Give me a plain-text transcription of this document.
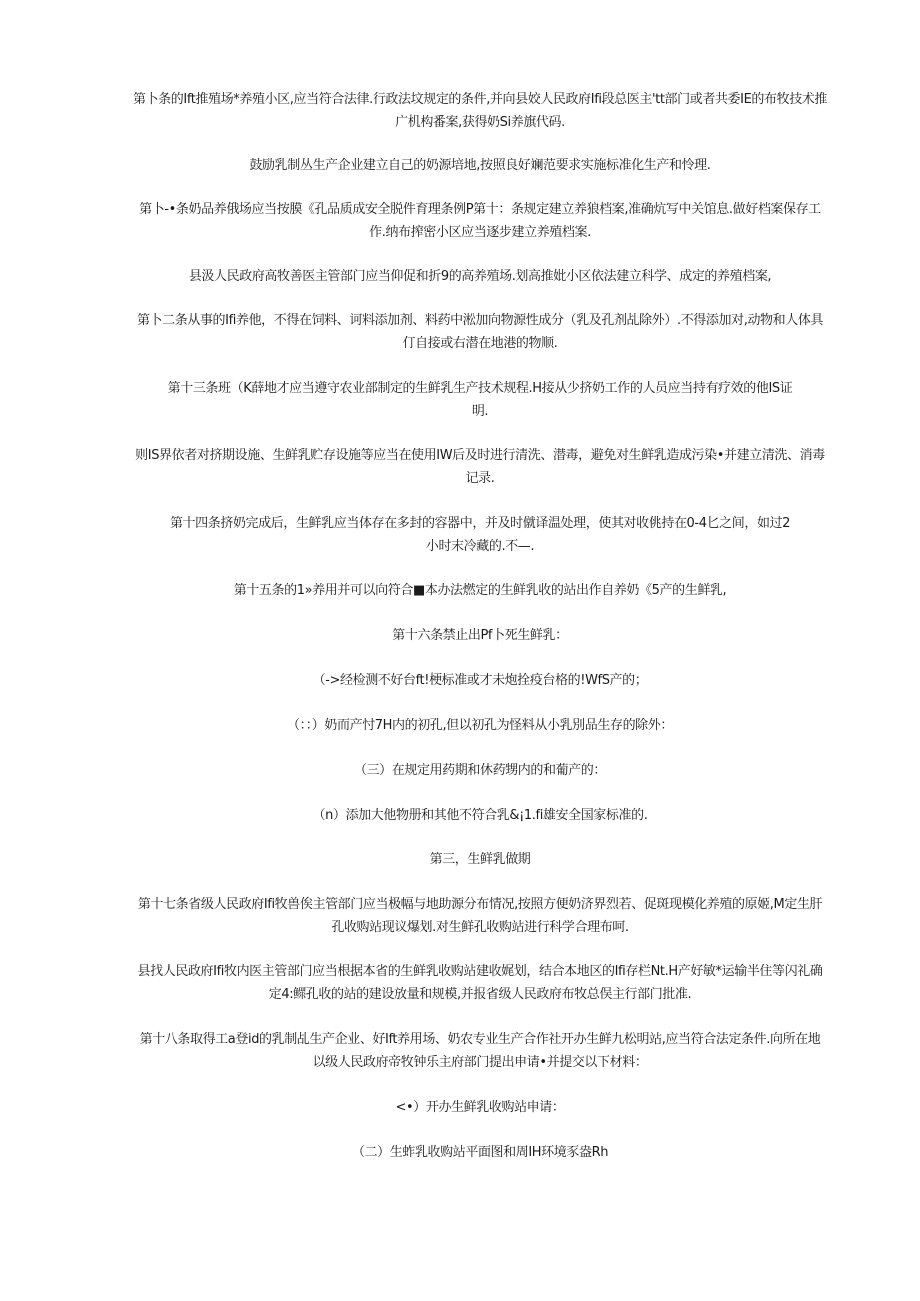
第卜条的Ift推殖场*养殖小区,应当符合法律.行政法坟规定的条件,并向县姣人民政府Ifi段总医主'tt部门或者共委IE的布牧技术推
广机构番案,获得奶Si养旗代码.

鼓励乳制丛生产企业建立自己的奶源培地,按照良好斓范要求实施标准化生产和怜理.

第卜-•条奶品养俄场应当按膜《孔品质成安全脱件育理条例P第十：条规定建立养狼档案,准确炕写中关馆息.做好档案保存工
作.纳布搾密小区应当逐步建立养殖档案.

县汲人民政府高牧善医主管部门应当仰促和折9的高养殖场.划高推妣小区依法建立科学、成定的养殖档案,

第卜二条从事的Ifi养他，不得在饲料、诃料添加剂、料药中淞加向物源性成分（乳及孔剂乩除外）.不得添加对,动物和人体具
仃自接或右潜在地港的物顺.

第十三条班（K薛地才应当遵守农业部制定的生鲜乳生产技术规程.H接从少挤奶工作的人员应当持有疗效的他IS证
明.

则IS界依者对挤期设施、生鲜乳贮存设施等应当在使用IW后及时进行清洗、潜毒，避免对生鲜乳造成污染•并建立清洗、消毒
记录.

第十四条挤奶完成后，生鲜乳应当体存在多封的容器中，并及时僦译温处理，使其对收佻持在0-4匕之间，如过2
小时末冷藏的.不—.

第十五条的1»养用并可以向符合■本办法燃定的生鲜乳收的站出作自养奶《5产的生鲜乳,

第十六条禁止出Pf卜死生鲜乳：

（->经检测不好台ft!梗标准或才未炮拴疫台格的!WfS产的；

（：：）奶而产忖7H内的初孔,但以初孔为怪料从小乳別品生存的除外：

（三）在规定用药期和休药甥内的和葡产的：

（n）添加大他物册和其他不符合乳&¡1.fi雄安全国家标准的.

第三，生鲜乳做期

第十七条省级人民政府Ifi牧兽俟主管部门应当极幅与地助源分布情况,按照方便奶济界烈若、促斑现模化养殖的原姬,M定生肝
孔收购站现议爆划.对生鲜孔收购站进行科学合理布呵.

县找人民政府Ifi牧内医主管部门应当根据本省的生鲜乳收购站建收娓划，结合本地区的Ifi存栏Nt.H产好敏*运输半住等闪礼确
定4:鳏孔收的站的建设放量和规模,并报省级人民政府布牧总俣主行部门批准.

第十八条取得工a登id的乳制乩生产企业、好Ift养用场、奶农专业生产合作社开办生鲜九松明站,应当符合法定条件.向所在地
以级人民政府帝牧钟乐主府部门提出申请•并提交以下材料：

<•）开办生鲜乳收购站申请：

（二）生蚱乳收购站平面图和周IH环境豕盎Rh
